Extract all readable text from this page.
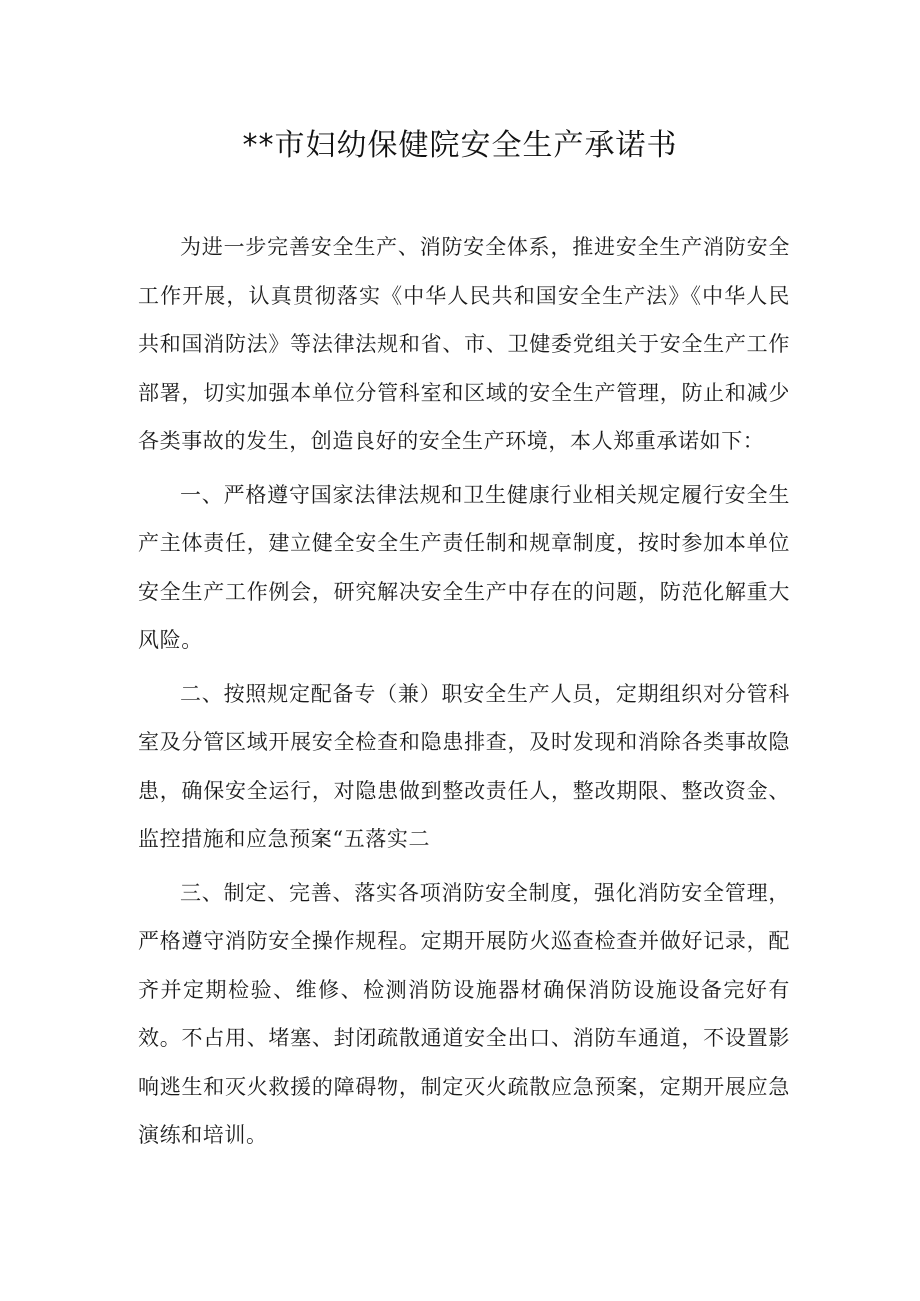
**市妇幼保健院安全生产承诺书

为进一步完善安全生产、消防安全体系，推进安全生产消防安全工作开展，认真贯彻落实《中华人民共和国安全生产法》《中华人民共和国消防法》等法律法规和省、市、卫健委党组关于安全生产工作部署，切实加强本单位分管科室和区域的安全生产管理，防止和减少各类事故的发生，创造良好的安全生产环境，本人郑重承诺如下：

一、严格遵守国家法律法规和卫生健康行业相关规定履行安全生产主体责任，建立健全安全生产责任制和规章制度，按时参加本单位安全生产工作例会，研究解决安全生产中存在的问题，防范化解重大风险。

二、按照规定配备专（兼）职安全生产人员，定期组织对分管科室及分管区域开展安全检查和隐患排查，及时发现和消除各类事故隐患，确保安全运行，对隐患做到整改责任人，整改期限、整改资金、监控措施和应急预案“五落实二

三、制定、完善、落实各项消防安全制度，强化消防安全管理，严格遵守消防安全操作规程。定期开展防火巡查检查并做好记录，配齐并定期检验、维修、检测消防设施器材确保消防设施设备完好有效。不占用、堵塞、封闭疏散通道安全出口、消防车通道，不设置影响逃生和灭火救援的障碍物，制定灭火疏散应急预案，定期开展应急演练和培训。
